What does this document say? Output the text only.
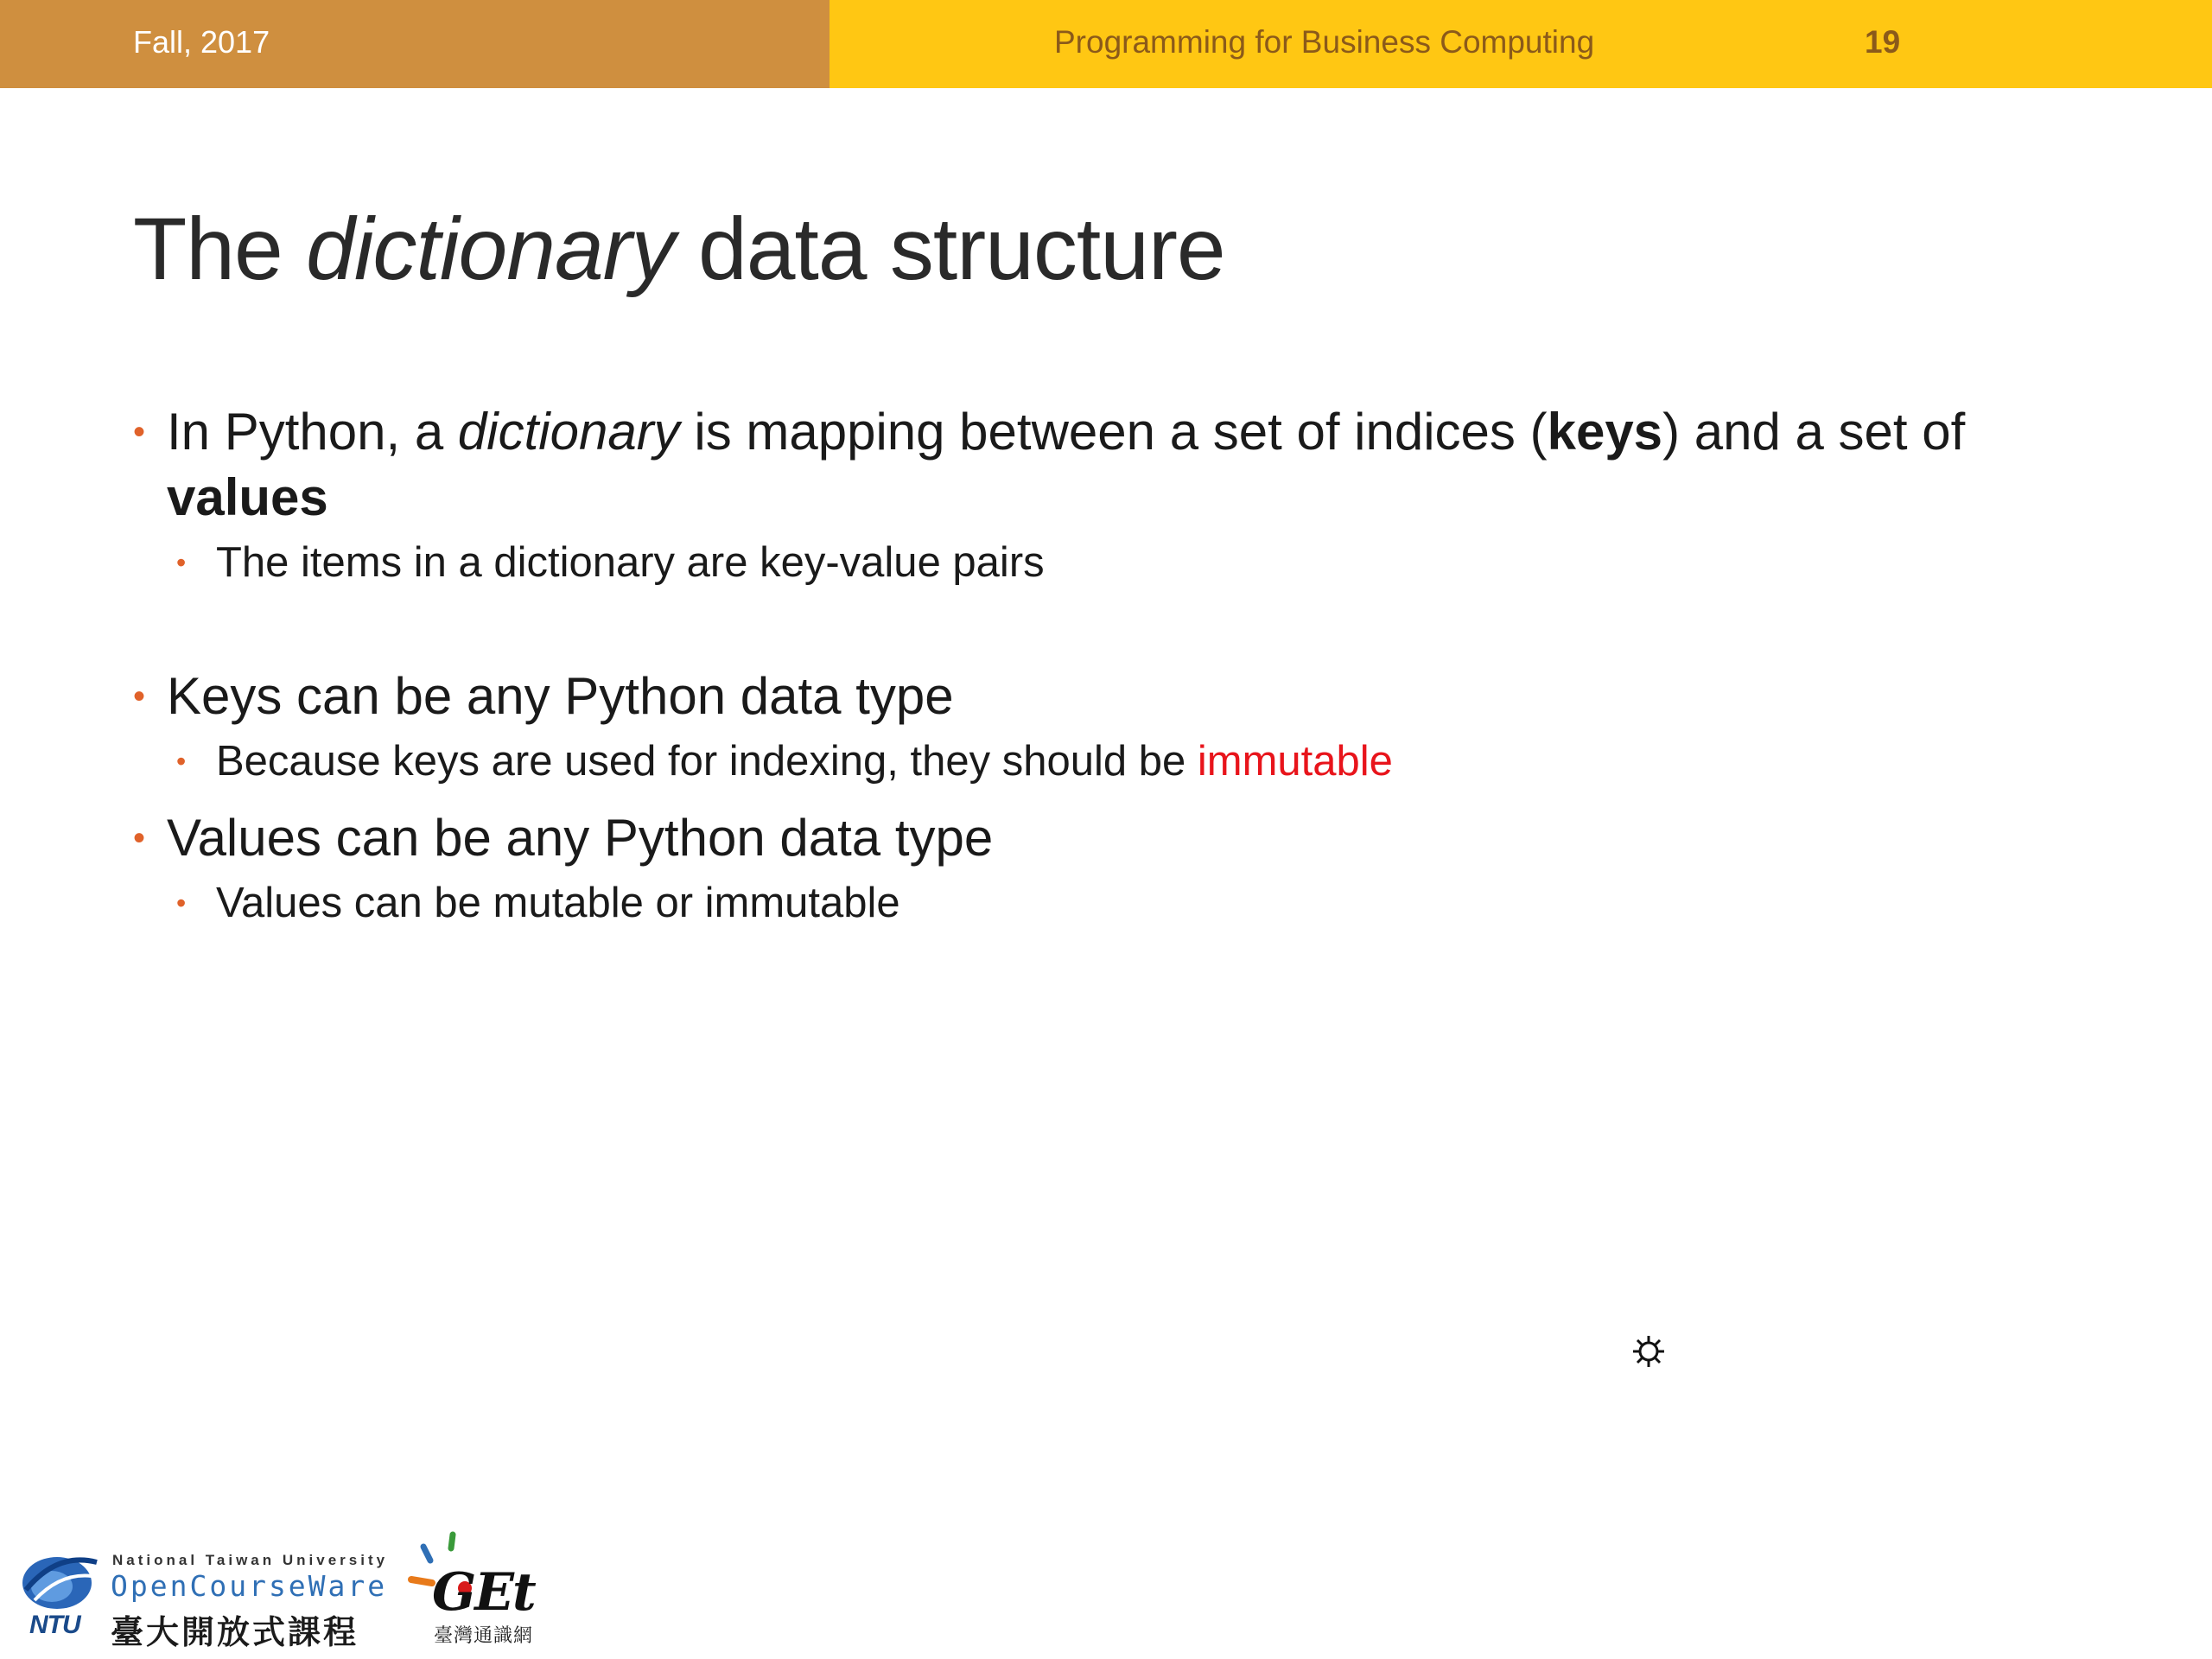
Fall, 2017	Programming for Business Computing	19
The dictionary data structure
• In Python, a dictionary is mapping between a set of indices (keys) and a set of values
• The items in a dictionary are key-value pairs
• Keys can be any Python data type
• Because keys are used for indexing, they should be immutable
• Values can be any Python data type
• Values can be mutable or immutable
NTU
National Taiwan University
OpenCourseWare
臺大開放式課程
GEt
臺灣通識網
